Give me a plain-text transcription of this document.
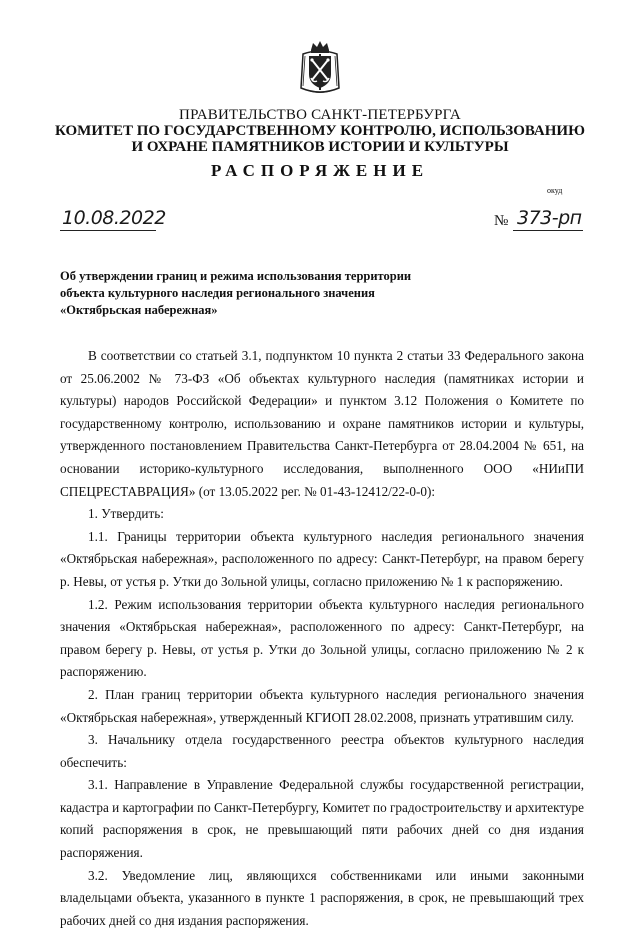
ПРАВИТЕЛЬСТВО САНКТ-ПЕТЕРБУРГА
КОМИТЕТ ПО ГОСУДАРСТВЕННОМУ КОНТРОЛЮ, ИСПОЛЬЗОВАНИЮ
И ОХРАНЕ ПАМЯТНИКОВ ИСТОРИИ И КУЛЬТУРЫ
РАСПОРЯЖЕНИЕ
окуд
10.08.2022	№ 373-рп
Об утверждении границ и режима использования территории
объекта культурного наследия регионального значения
«Октябрьская набережная»

В соответствии со статьей 3.1, подпунктом 10 пункта 2 статьи 33 Федерального закона от 25.06.2002 № 73-ФЗ «Об объектах культурного наследия (памятниках истории и культуры) народов Российской Федерации» и пунктом 3.12 Положения о Комитете по государственному контролю, использованию и охране памятников истории и культуры, утвержденного постановлением Правительства Санкт-Петербурга от 28.04.2004 № 651, на основании историко-культурного исследования, выполненного ООО «НИиПИ СПЕЦРЕСТАВРАЦИЯ» (от 13.05.2022 рег. № 01-43-12412/22-0-0):

1. Утвердить:

1.1. Границы территории объекта культурного наследия регионального значения «Октябрьская набережная», расположенного по адресу: Санкт-Петербург, на правом берегу р. Невы, от устья р. Утки до Зольной улицы, согласно приложению № 1 к распоряжению.

1.2. Режим использования территории объекта культурного наследия регионального значения «Октябрьская набережная», расположенного по адресу: Санкт-Петербург, на правом берегу р. Невы, от устья р. Утки до Зольной улицы, согласно приложению № 2 к распоряжению.

2. План границ территории объекта культурного наследия регионального значения «Октябрьская набережная», утвержденный КГИОП 28.02.2008, признать утратившим силу.

3. Начальнику отдела государственного реестра объектов культурного наследия обеспечить:

3.1. Направление в Управление Федеральной службы государственной регистрации, кадастра и картографии по Санкт-Петербургу, Комитет по градостроительству и архитектуре копий распоряжения в срок, не превышающий пяти рабочих дней со дня издания распоряжения.

3.2. Уведомление лиц, являющихся собственниками или иными законными владельцами объекта, указанного в пункте 1 распоряжения, в срок, не превышающий трех рабочих дней со дня издания распоряжения.
